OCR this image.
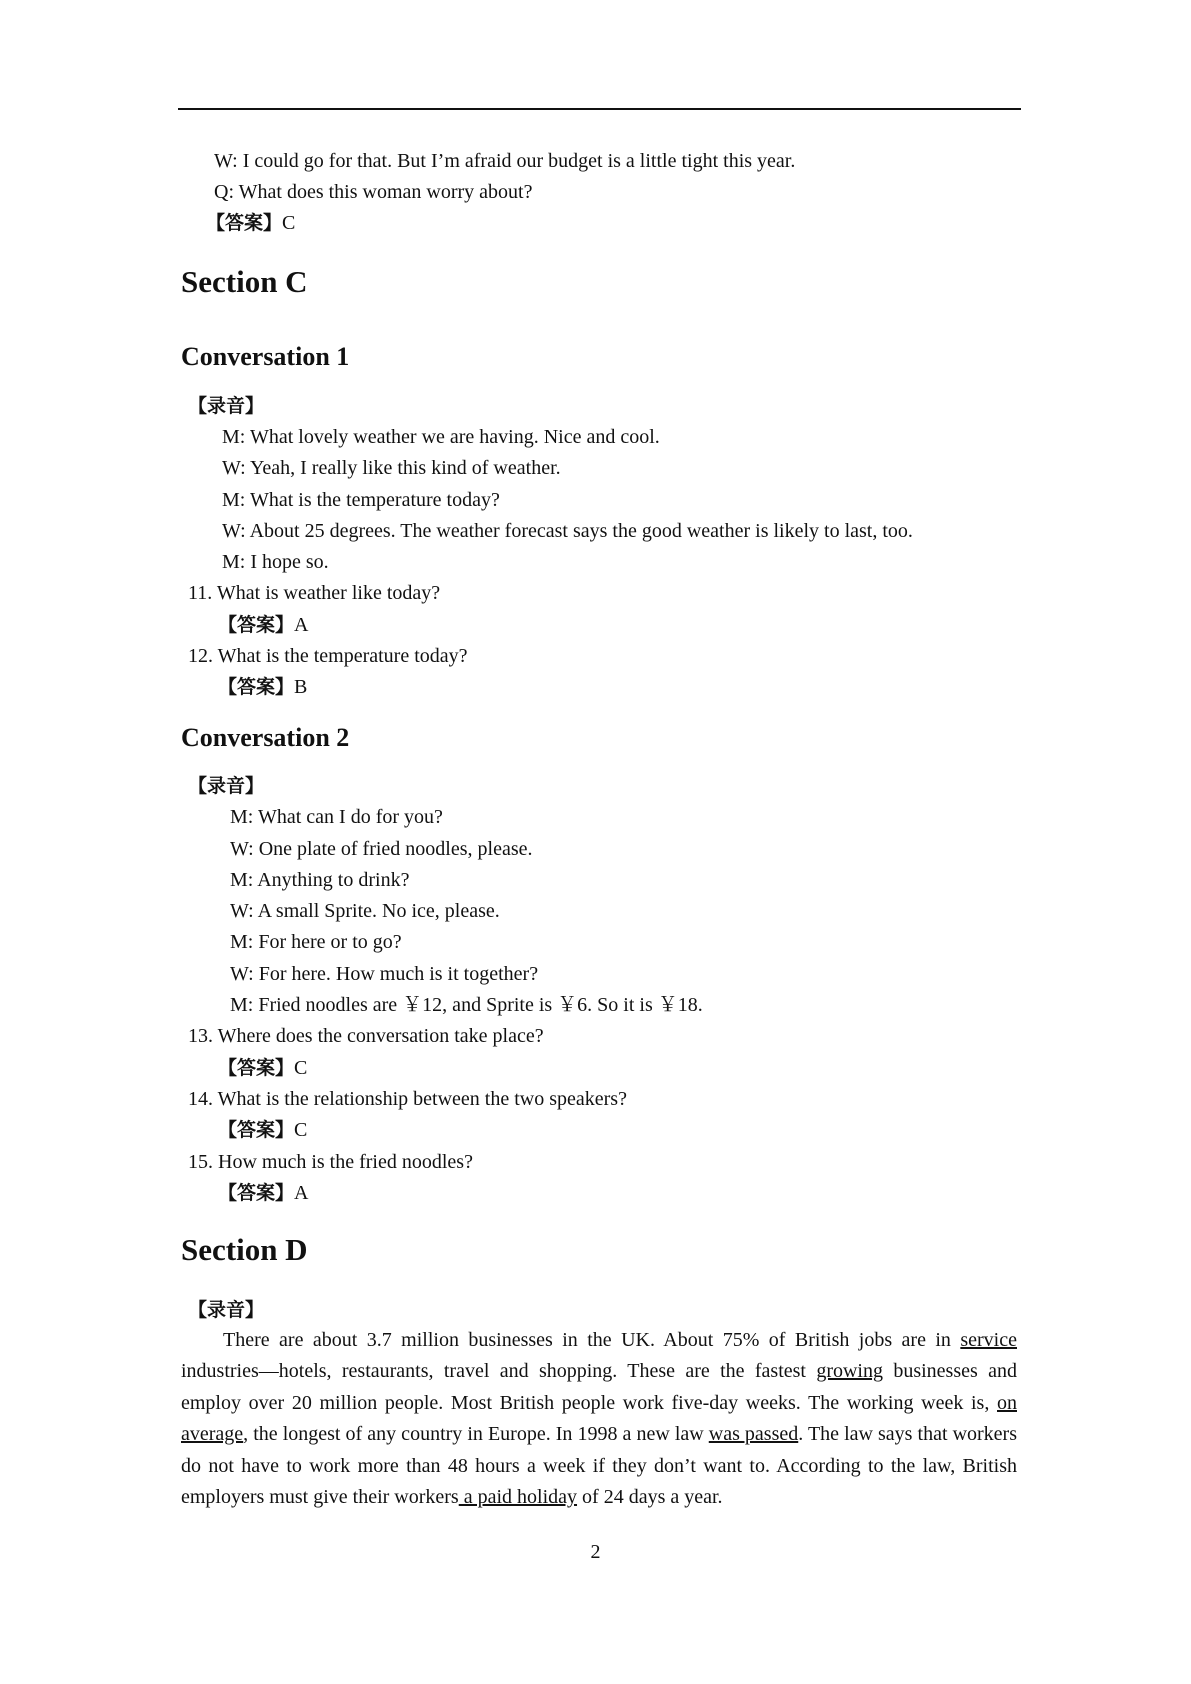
W: I could go for that. But I’m afraid our budget is a little tight this year.
Q: What does this woman worry about?
【答案】C
Section C
Conversation 1
【录音】
M: What lovely weather we are having. Nice and cool.
W: Yeah, I really like this kind of weather.
M: What is the temperature today?
W: About 25 degrees. The weather forecast says the good weather is likely to last, too.
M: I hope so.
11. What is weather like today?
【答案】A
12. What is the temperature today?
【答案】B
Conversation 2
【录音】
M: What can I do for you?
W: One plate of fried noodles, please.
M: Anything to drink?
W: A small Sprite. No ice, please.
M: For here or to go?
W: For here. How much is it together?
M: Fried noodles are ￥12, and Sprite is ￥6. So it is ￥18.
13. Where does the conversation take place?
【答案】C
14. What is the relationship between the two speakers?
【答案】C
15. How much is the fried noodles?
【答案】A
Section D
【录音】
There are about 3.7 million businesses in the UK. About 75% of British jobs are in service industries—hotels, restaurants, travel and shopping. These are the fastest growing businesses and employ over 20 million people. Most British people work five-day weeks. The working week is, on average, the longest of any country in Europe. In 1998 a new law was passed. The law says that workers do not have to work more than 48 hours a week if they don’t want to. According to the law, British employers must give their workers a paid holiday of 24 days a year.
2
